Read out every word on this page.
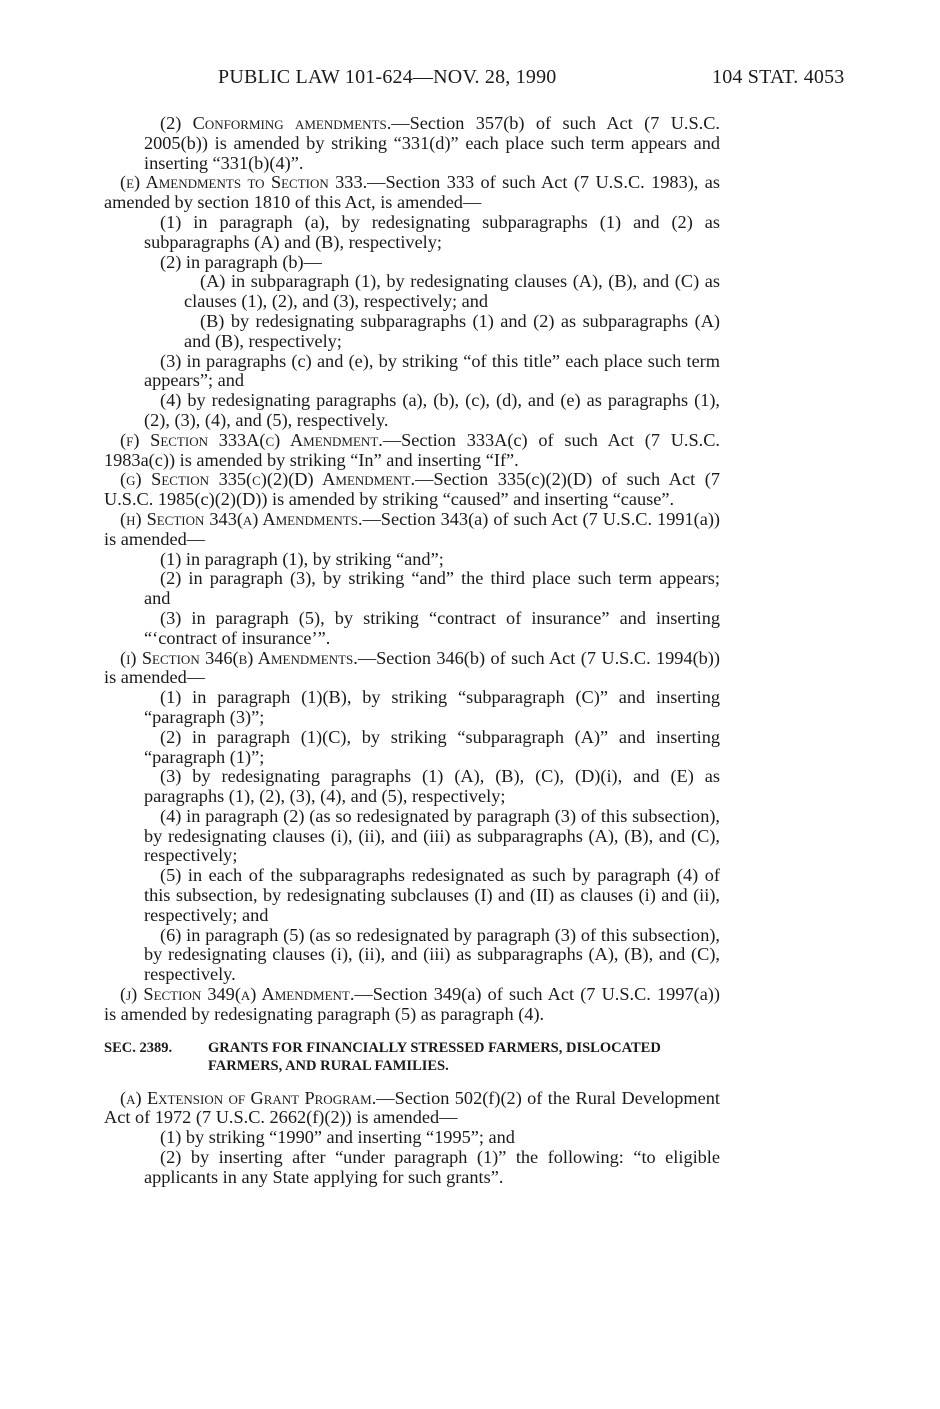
PUBLIC LAW 101-624—NOV. 28, 1990	104 STAT. 4053

(2) Conforming amendments.—Section 357(b) of such Act (7 U.S.C. 2005(b)) is amended by striking “331(d)” each place such term appears and inserting “331(b)(4)”.

(e) Amendments to Section 333.—Section 333 of such Act (7 U.S.C. 1983), as amended by section 1810 of this Act, is amended—

(1) in paragraph (a), by redesignating subparagraphs (1) and (2) as subparagraphs (A) and (B), respectively;

(2) in paragraph (b)—

(A) in subparagraph (1), by redesignating clauses (A), (B), and (C) as clauses (1), (2), and (3), respectively; and

(B) by redesignating subparagraphs (1) and (2) as subparagraphs (A) and (B), respectively;

(3) in paragraphs (c) and (e), by striking “of this title” each place such term appears”; and

(4) by redesignating paragraphs (a), (b), (c), (d), and (e) as paragraphs (1), (2), (3), (4), and (5), respectively.

(f) Section 333A(c) Amendment.—Section 333A(c) of such Act (7 U.S.C. 1983a(c)) is amended by striking “In” and inserting “If”.

(g) Section 335(c)(2)(D) Amendment.—Section 335(c)(2)(D) of such Act (7 U.S.C. 1985(c)(2)(D)) is amended by striking “caused” and inserting “cause”.

(h) Section 343(a) Amendments.—Section 343(a) of such Act (7 U.S.C. 1991(a)) is amended—

(1) in paragraph (1), by striking “and”;

(2) in paragraph (3), by striking “and” the third place such term appears; and

(3) in paragraph (5), by striking “contract of insurance” and inserting “‘contract of insurance’”.

(i) Section 346(b) Amendments.—Section 346(b) of such Act (7 U.S.C. 1994(b)) is amended—

(1) in paragraph (1)(B), by striking “subparagraph (C)” and inserting “paragraph (3)”;

(2) in paragraph (1)(C), by striking “subparagraph (A)” and inserting “paragraph (1)”;

(3) by redesignating paragraphs (1) (A), (B), (C), (D)(i), and (E) as paragraphs (1), (2), (3), (4), and (5), respectively;

(4) in paragraph (2) (as so redesignated by paragraph (3) of this subsection), by redesignating clauses (i), (ii), and (iii) as subparagraphs (A), (B), and (C), respectively;

(5) in each of the subparagraphs redesignated as such by paragraph (4) of this subsection, by redesignating subclauses (I) and (II) as clauses (i) and (ii), respectively; and

(6) in paragraph (5) (as so redesignated by paragraph (3) of this subsection), by redesignating clauses (i), (ii), and (iii) as subparagraphs (A), (B), and (C), respectively.

(j) Section 349(a) Amendment.—Section 349(a) of such Act (7 U.S.C. 1997(a)) is amended by redesignating paragraph (5) as paragraph (4).

SEC. 2389. GRANTS FOR FINANCIALLY STRESSED FARMERS, DISLOCATED FARMERS, AND RURAL FAMILIES.

(a) Extension of Grant Program.—Section 502(f)(2) of the Rural Development Act of 1972 (7 U.S.C. 2662(f)(2)) is amended—

(1) by striking “1990” and inserting “1995”; and

(2) by inserting after “under paragraph (1)” the following: “to eligible applicants in any State applying for such grants”.
